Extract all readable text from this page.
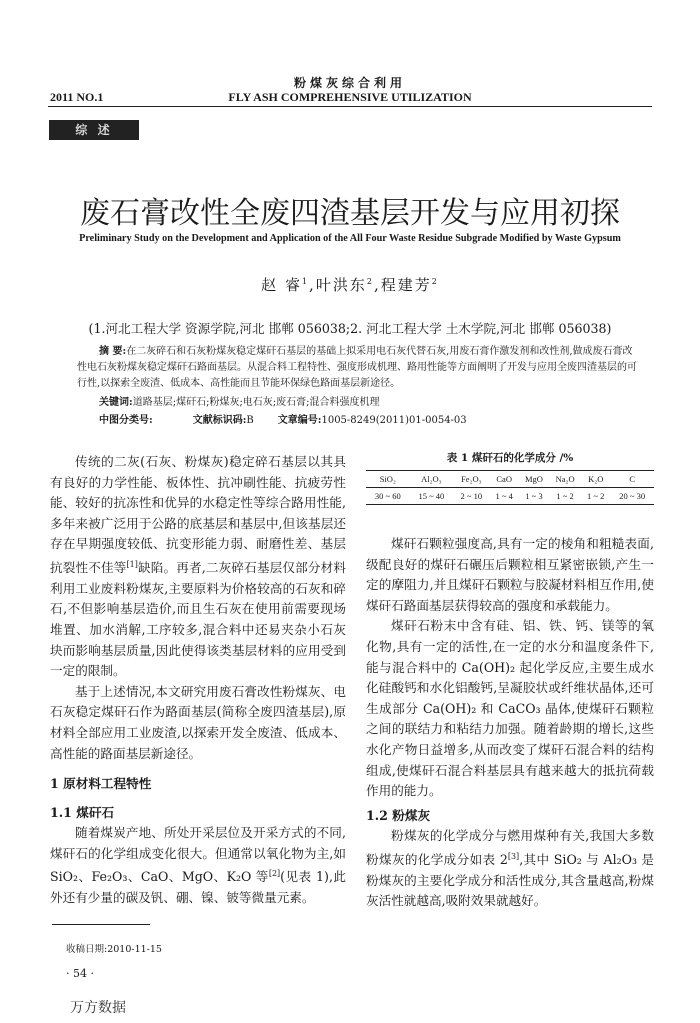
粉煤灰综合利用
2011 NO.1	FLY ASH COMPREHENSIVE UTILIZATION
综 述
废石膏改性全废四渣基层开发与应用初探
Preliminary Study on the Development and Application of the All Four Waste Residue Subgrade Modified by Waste Gypsum
赵 睿$^1$,叶洪东$^2$,程建芳$^2$
(1.河北工程大学 资源学院,河北 邯郸 056038;2. 河北工程大学 土木学院,河北 邯郸 056038)
摘 要:在二灰碎石和石灰粉煤灰稳定煤矸石基层的基础上拟采用电石灰代替石灰,用废石膏作激发剂和改性剂,做成废石膏改性电石灰粉煤灰稳定煤矸石路面基层。从混合料工程特性、强度形成机理、路用性能等方面阐明了开发与应用全废四渣基层的可行性,以探索全废渣、低成本、高性能而且节能环保绿色路面基层新途径。
关键词:道路基层;煤矸石;粉煤灰;电石灰;废石膏;混合料强度机理
中图分类号:	文献标识码:B 文章编号:1005-8249(2011)01-0054-03

传统的二灰(石灰、粉煤灰)稳定碎石基层以其具有良好的力学性能、板体性、抗冲刷性能、抗疲劳性能、较好的抗冻性和优异的水稳定性等综合路用性能,多年来被广泛用于公路的底基层和基层中,但该基层还存在早期强度较低、抗变形能力弱、耐磨性差、基层抗裂性不佳等[1]缺陷。再者,二灰碎石基层仅部分材料利用工业废料粉煤灰,主要原料为价格较高的石灰和碎石,不但影响基层造价,而且生石灰在使用前需要现场堆置、加水消解,工序较多,混合料中还易夹杂小石灰块而影响基层质量,因此使得该类基层材料的应用受到一定的限制。

基于上述情况,本文研究用废石膏改性粉煤灰、电石灰稳定煤矸石作为路面基层(简称全废四渣基层),原材料全部应用工业废渣,以探索开发全废渣、低成本、高性能的路面基层新途径。

1 原材料工程特性
1.1 煤矸石

随着煤炭产地、所处开采层位及开采方式的不同,煤矸石的化学组成变化很大。但通常以氧化物为主,如 SiO₂、Fe₂O₃、CaO、MgO、K₂O 等[2](见表 1),此外还有少量的碳及钒、硼、镍、铍等微量元素。

表 1 煤矸石的化学成分 /%
SiO₂	Al₂O₃	Fe₂O₃	CaO	MgO	Na₂O	K₂O	C
30 ~ 60	15 ~ 40	2 ~ 10	1 ~ 4	1 ~ 3	1 ~ 2	1 ~ 2	20 ~ 30

煤矸石颗粒强度高,具有一定的棱角和粗糙表面,级配良好的煤矸石碾压后颗粒相互紧密嵌锁,产生一定的摩阻力,并且煤矸石颗粒与胶凝材料相互作用,使煤矸石路面基层获得较高的强度和承载能力。

煤矸石粉末中含有硅、铝、铁、钙、镁等的氧化物,具有一定的活性,在一定的水分和温度条件下,能与混合料中的 Ca(OH)₂ 起化学反应,主要生成水化硅酸钙和水化铝酸钙,呈凝胶状或纤维状晶体,还可生成部分 Ca(OH)₂ 和 CaCO₃ 晶体,使煤矸石颗粒之间的联结力和粘结力加强。随着龄期的增长,这些水化产物日益增多,从而改变了煤矸石混合料的结构组成,使煤矸石混合料基层具有越来越大的抵抗荷载作用的能力。

1.2 粉煤灰

粉煤灰的化学成分与燃用煤种有关,我国大多数粉煤灰的化学成分如表 2[3],其中 SiO₂ 与 Al₂O₃ 是粉煤灰的主要化学成分和活性成分,其含量越高,粉煤灰活性就越高,吸附效果就越好。

收稿日期:2010-11-15
· 54 ·
万方数据
